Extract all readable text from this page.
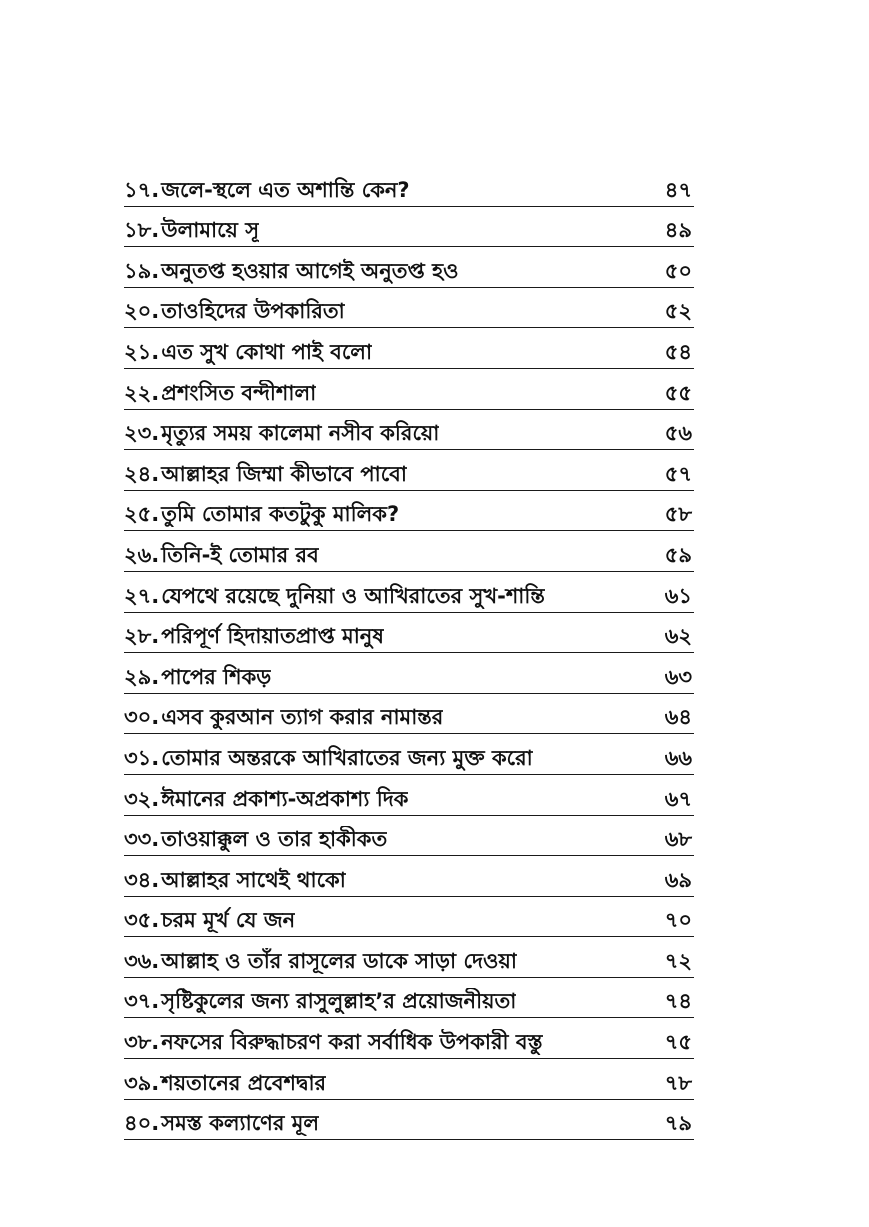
১৭. জলে-স্থলে এত অশান্তি কেন?	৪৭
১৮. উলামায়ে সূ	৪৯
১৯. অনুতপ্ত হওয়ার আগেই অনুতপ্ত হও	৫০
২০. তাওহিদের উপকারিতা	৫২
২১. এত সুখ কোথা পাই বলো	৫৪
২২. প্রশংসিত বন্দীশালা	৫৫
২৩. মৃত্যুর সময় কালেমা নসীব করিয়ো	৫৬
২৪. আল্লাহর জিম্মা কীভাবে পাবো	৫৭
২৫. তুমি তোমার কতটুকু মালিক?	৫৮
২৬. তিনি-ই তোমার রব	৫৯
২৭. যেপথে রয়েছে দুনিয়া ও আখিরাতের সুখ-শান্তি	৬১
২৮. পরিপূর্ণ হিদায়াতপ্রাপ্ত মানুষ	৬২
২৯. পাপের শিকড়	৬৩
৩০. এসব কুরআন ত্যাগ করার নামান্তর	৬৪
৩১. তোমার অন্তরকে আখিরাতের জন্য মুক্ত করো	৬৬
৩২. ঈমানের প্রকাশ্য-অপ্রকাশ্য দিক	৬৭
৩৩. তাওয়াক্কুল ও তার হাকীকত	৬৮
৩৪. আল্লাহর সাথেই থাকো	৬৯
৩৫. চরম মূর্খ যে জন	৭০
৩৬. আল্লাহ ও তাঁর রাসূলের ডাকে সাড়া দেওয়া	৭২
৩৭. সৃষ্টিকুলের জন্য রাসুলুল্লাহ’র প্রয়োজনীয়তা	৭৪
৩৮. নফসের বিরুদ্ধাচরণ করা সর্বাধিক উপকারী বস্তু	৭৫
৩৯. শয়তানের প্রবেশদ্বার	৭৮
৪০. সমস্ত কল্যাণের মূল	৭৯
